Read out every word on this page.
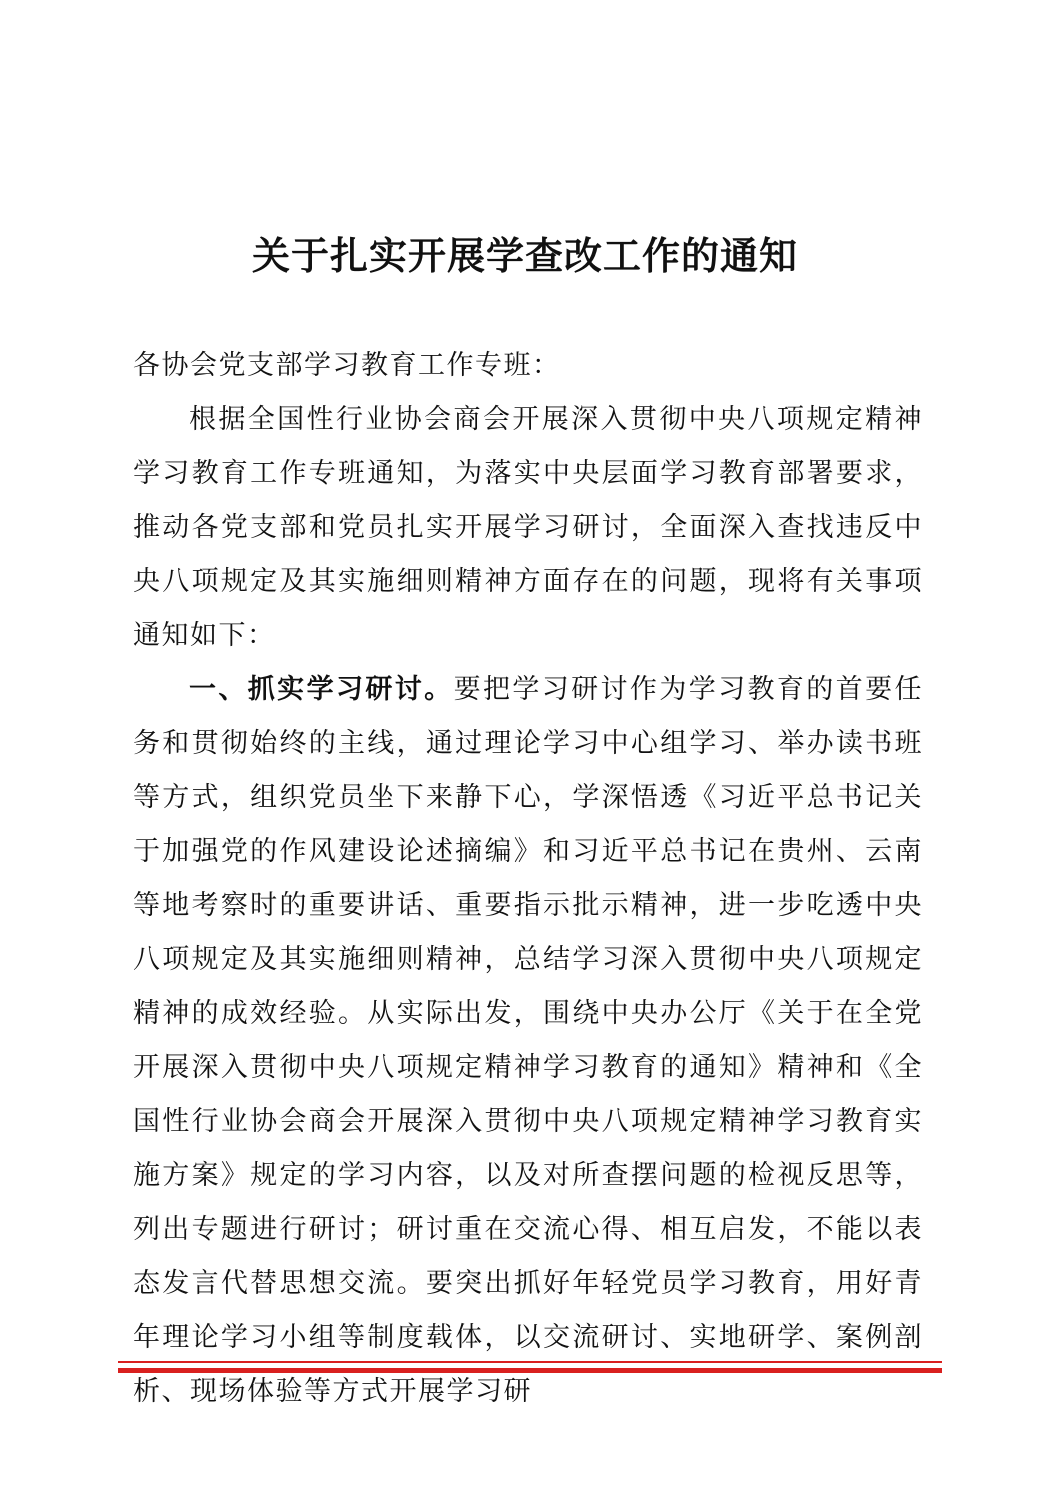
关于扎实开展学查改工作的通知

各协会党支部学习教育工作专班：

根据全国性行业协会商会开展深入贯彻中央八项规定精神学习教育工作专班通知，为落实中央层面学习教育部署要求，推动各党支部和党员扎实开展学习研讨，全面深入查找违反中央八项规定及其实施细则精神方面存在的问题，现将有关事项通知如下：

一、抓实学习研讨。要把学习研讨作为学习教育的首要任务和贯彻始终的主线，通过理论学习中心组学习、举办读书班等方式，组织党员坐下来静下心，学深悟透《习近平总书记关于加强党的作风建设论述摘编》和习近平总书记在贵州、云南等地考察时的重要讲话、重要指示批示精神，进一步吃透中央八项规定及其实施细则精神，总结学习深入贯彻中央八项规定精神的成效经验。从实际出发，围绕中央办公厅《关于在全党开展深入贯彻中央八项规定精神学习教育的通知》精神和《全国性行业协会商会开展深入贯彻中央八项规定精神学习教育实施方案》规定的学习内容，以及对所查摆问题的检视反思等，列出专题进行研讨；研讨重在交流心得、相互启发，不能以表态发言代替思想交流。要突出抓好年轻党员学习教育，用好青年理论学习小组等制度载体，以交流研讨、实地研学、案例剖析、现场体验等方式开展学习研
